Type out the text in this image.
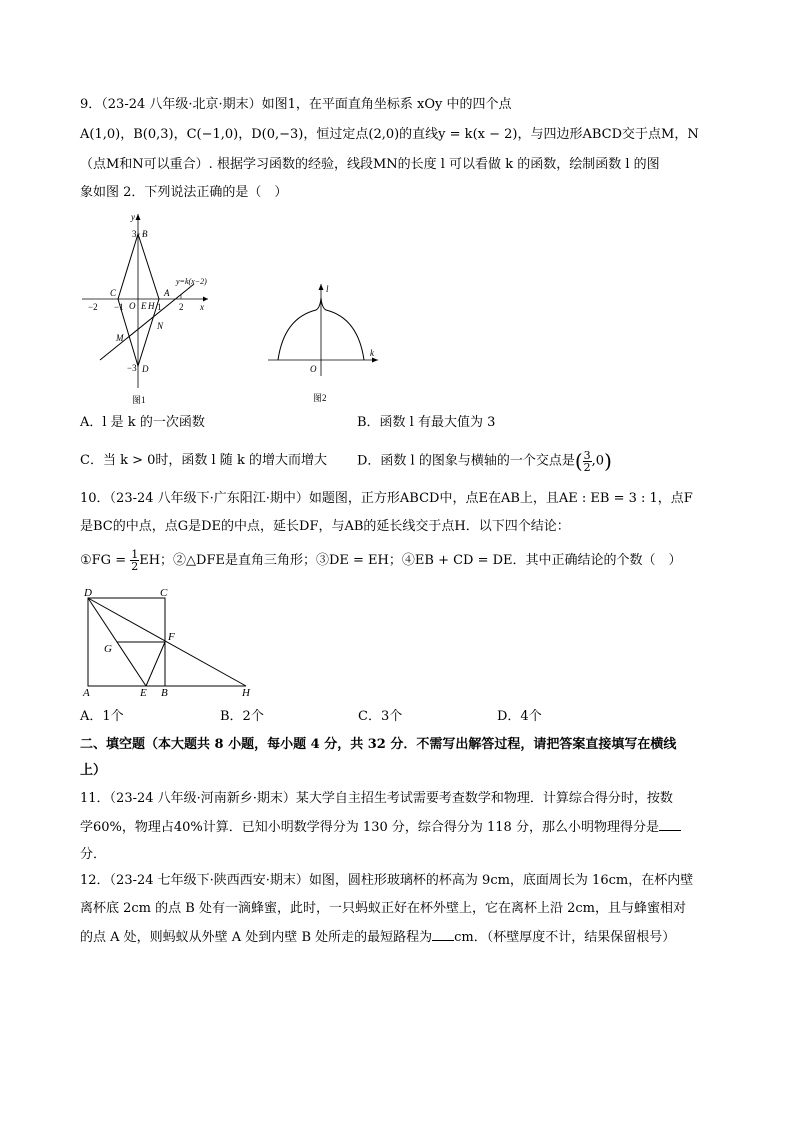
9．（23-24 八年级·北京·期末）如图1，在平面直角坐标系 xOy 中的四个点
A(1,0)，B(0,3)，C(−1,0)，D(0,−3)，恒过定点(2,0)的直线y = k(x − 2)，与四边形ABCD交于点M，N
（点M和N可以重合）. 根据学习函数的经验，线段MN的长度 l 可以看做 k 的函数，绘制函数 l 的图
象如图 2．下列说法正确的是（　）
y
x
B
3
C	A
E H
O
−2 −1	1 2
N
M
−3 D
y=k(x−2)
图1
l
k
O
图2
A．l 是 k 的一次函数	B．函数 l 有最大值为 3
C．当 k > 0时，函数 l 随 k 的增大而增大 D．函数 l 的图象与横轴的一个交点是( $\frac{3}{2} ,0$)
10．（23-24 八年级下·广东阳江·期中）如题图，正方形ABCD中，点E在AB上，且AE : EB = 3 : 1，点F
是BC的中点，点G是DE的中点，延长DF，与AB的延长线交于点H．以下四个结论：
①FG = $\frac{1}{2}$ EH；②△DFE是直角三角形；③DE = EH；④EB + CD = DE．其中正确结论的个数（　）
D	C
F
G
A	E B	H
A．1个	B．2个	C．3个	D．4个
二、填空题（本大题共 8 小题，每小题 4 分，共 32 分．不需写出解答过程，请把答案直接填写在横线
上）
11．（23-24 八年级·河南新乡·期末）某大学自主招生考试需要考查数学和物理．计算综合得分时，按数
学60%，物理占40%计算．已知小明数学得分为 130 分，综合得分为 118 分，那么小明物理得分是
分．
12．（23-24 七年级下·陕西西安·期末）如图，圆柱形玻璃杯的杯高为 9cm，底面周长为 16cm，在杯内壁
离杯底 2cm 的点 B 处有一滴蜂蜜，此时，一只蚂蚁正好在杯外壁上，它在离杯上沿 2cm，且与蜂蜜相对
的点 A 处，则蚂蚁从外壁 A 处到内壁 B 处所走的最短路程为 cm．（杯壁厚度不计，结果保留根号）
